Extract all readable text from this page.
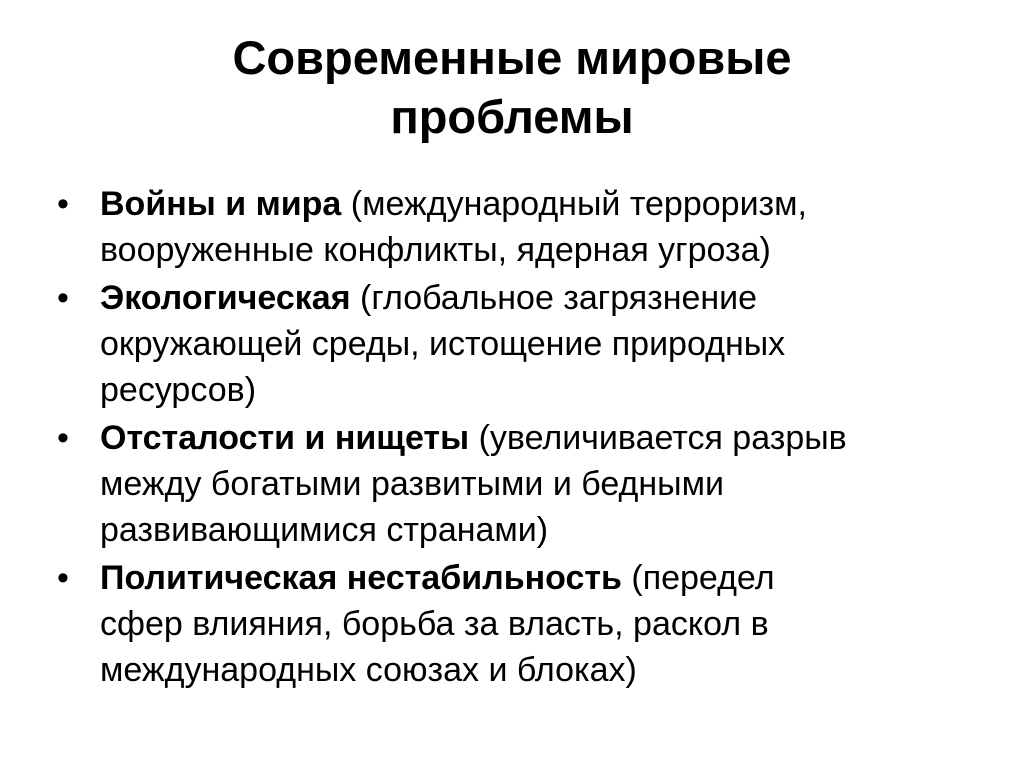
Современные мировые
проблемы
• Войны и мира (международный терроризм,
вооруженные конфликты, ядерная угроза)
• Экологическая (глобальное загрязнение
окружающей среды, истощение природных
ресурсов)
• Отсталости и нищеты (увеличивается разрыв
между богатыми развитыми и бедными
развивающимися странами)
• Политическая нестабильность (передел
сфер влияния, борьба за власть, раскол в
международных союзах и блоках)
